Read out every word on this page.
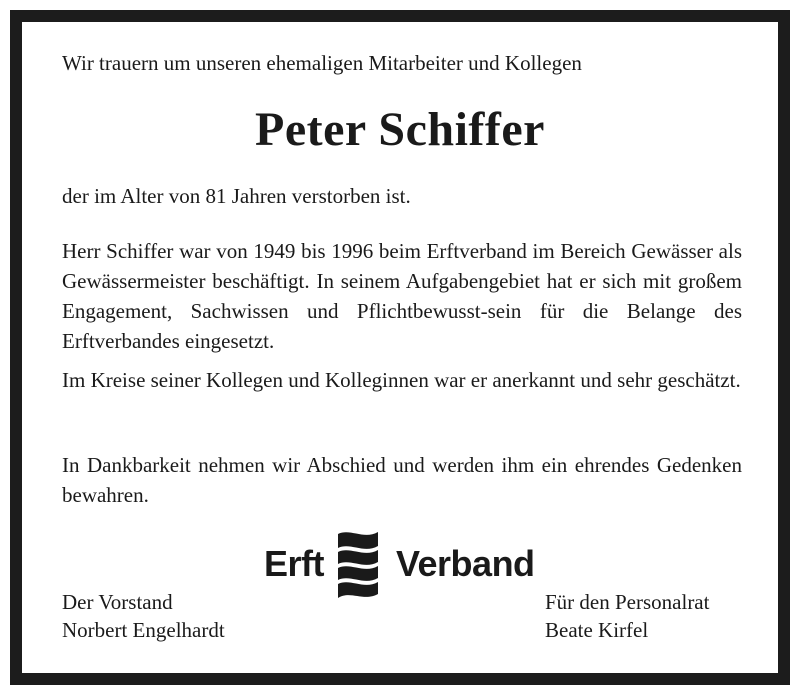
Wir trauern um unseren ehemaligen Mitarbeiter und Kollegen

Peter Schiffer

der im Alter von 81 Jahren verstorben ist.

Herr Schiffer war von 1949 bis 1996 beim Erftverband im Bereich Gewässer als Gewässermeister beschäftigt. In seinem Aufgabengebiet hat er sich mit großem Engagement, Sachwissen und Pflichtbewusst-sein für die Belange des Erftverbandes eingesetzt.

Im Kreise seiner Kollegen und Kolleginnen war er anerkannt und sehr geschätzt.

In Dankbarkeit nehmen wir Abschied und werden ihm ein ehrendes Gedenken bewahren.

Erft Verband
Der Vorstand
Norbert Engelhardt
Für den Personalrat
Beate Kirfel
